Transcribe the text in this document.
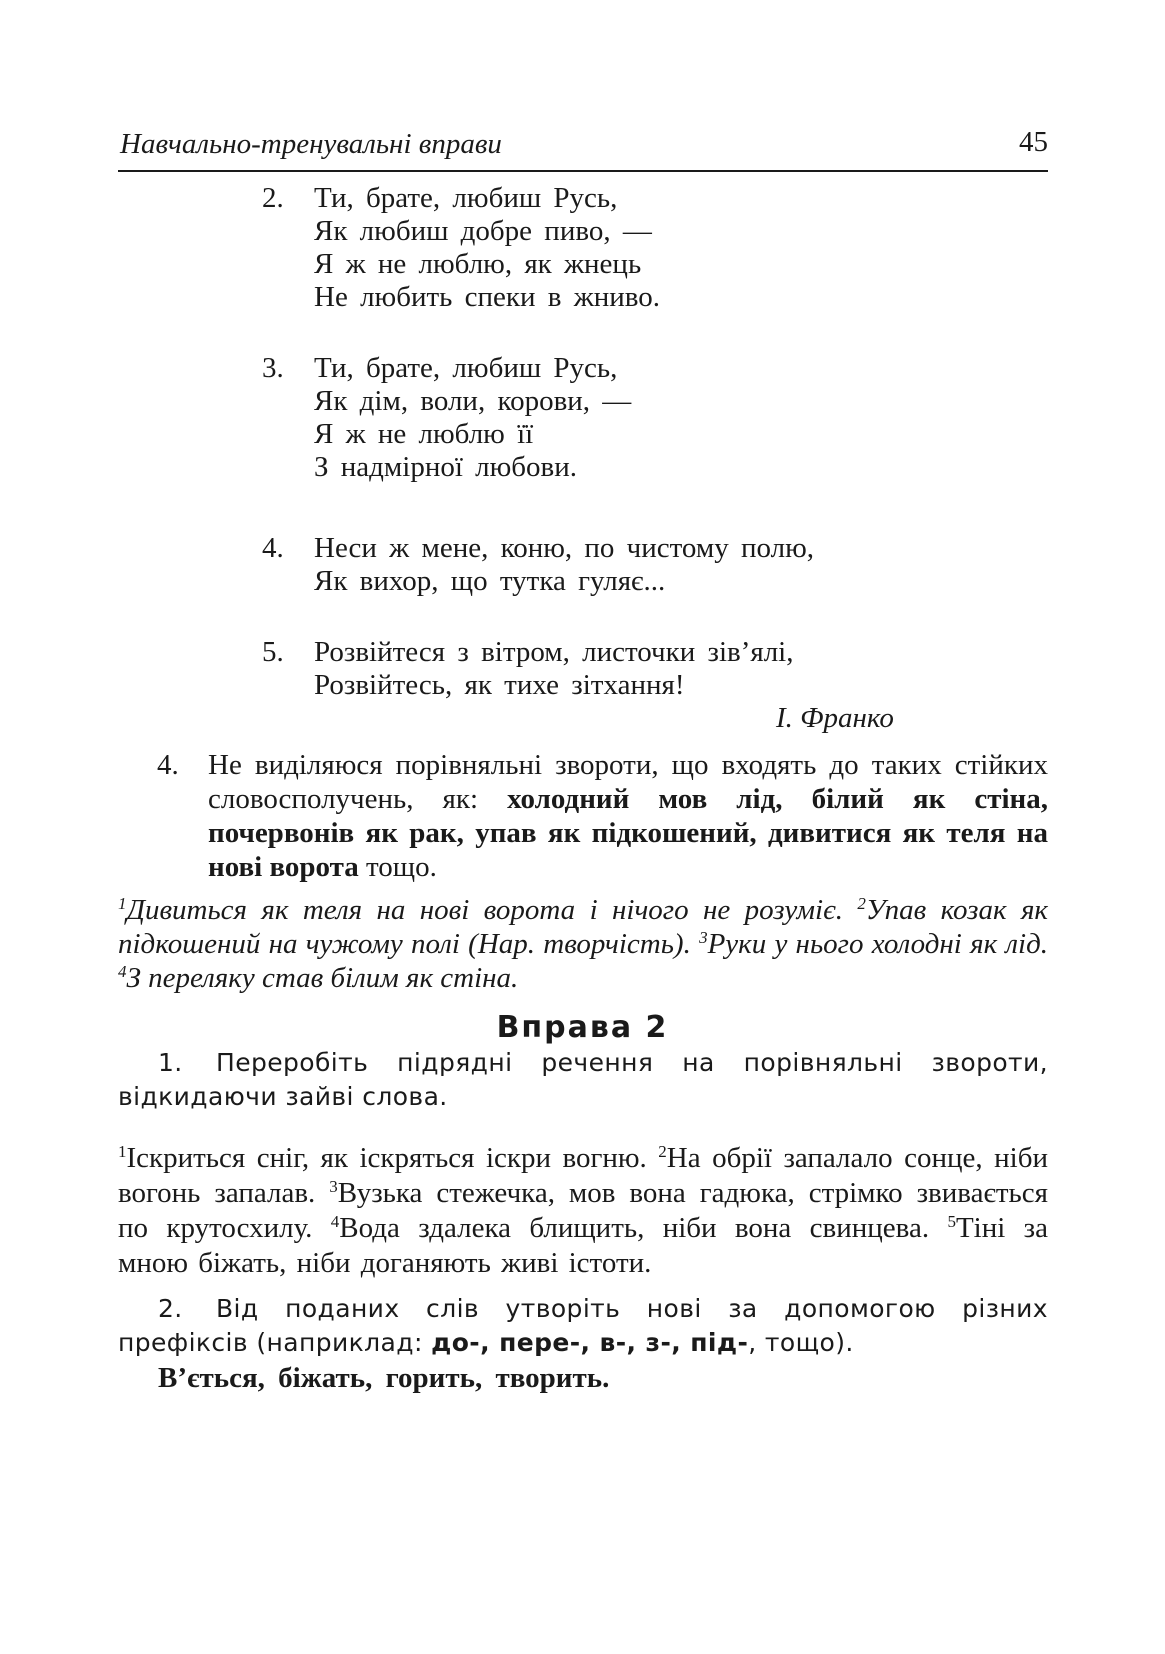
Навчально-тренувальні вправи	45
2. Ти, брате, любиш Русь,
Як любиш добре пиво, —
Я ж не люблю, як жнець
Не любить спеки в жниво.
3. Ти, брате, любиш Русь,
Як дім, воли, корови, —
Я ж не люблю її
З надмірної любови.
4. Неси ж мене, коню, по чистому полю,
Як вихор, що тутка гуляє...
5. Розвійтеся з вітром, листочки зів’ялі,
Розвійтесь, як тихе зітхання!
І. Франко
4. Не виділяюся порівняльні звороти, що входять до таких стійких словосполучень, як: холодний мов лід, білий як стіна, почервонів як рак, упав як підкошений, дивитися як теля на нові ворота тощо.
$^1$Дивиться як теля на нові ворота і нічого не розуміє. $^2$Упав козак як підкошений на чужому полі (Нар. творчість). $^3$Руки у нього холодні як лід. $^4$З переляку став білим як стіна.
Вправа 2
1. Переробіть підрядні речення на порівняльні звороти, відкидаючи зайві слова.
$^1$Іскриться сніг, як іскряться іскри вогню. $^2$На обрії запалало сонце, ніби вогонь запалав. $^3$Вузька стежечка, мов вона гадюка, стрімко звивається по крутосхилу. $^4$Вода здалека блищить, ніби вона свинцева. $^5$Тіні за мною біжать, ніби доганяють живі істоти.
2. Від поданих слів утворіть нові за допомогою різних префіксів (наприклад: до-, пере-, в-, з-, під-, тощо).
В’ється, біжать, горить, творить.
